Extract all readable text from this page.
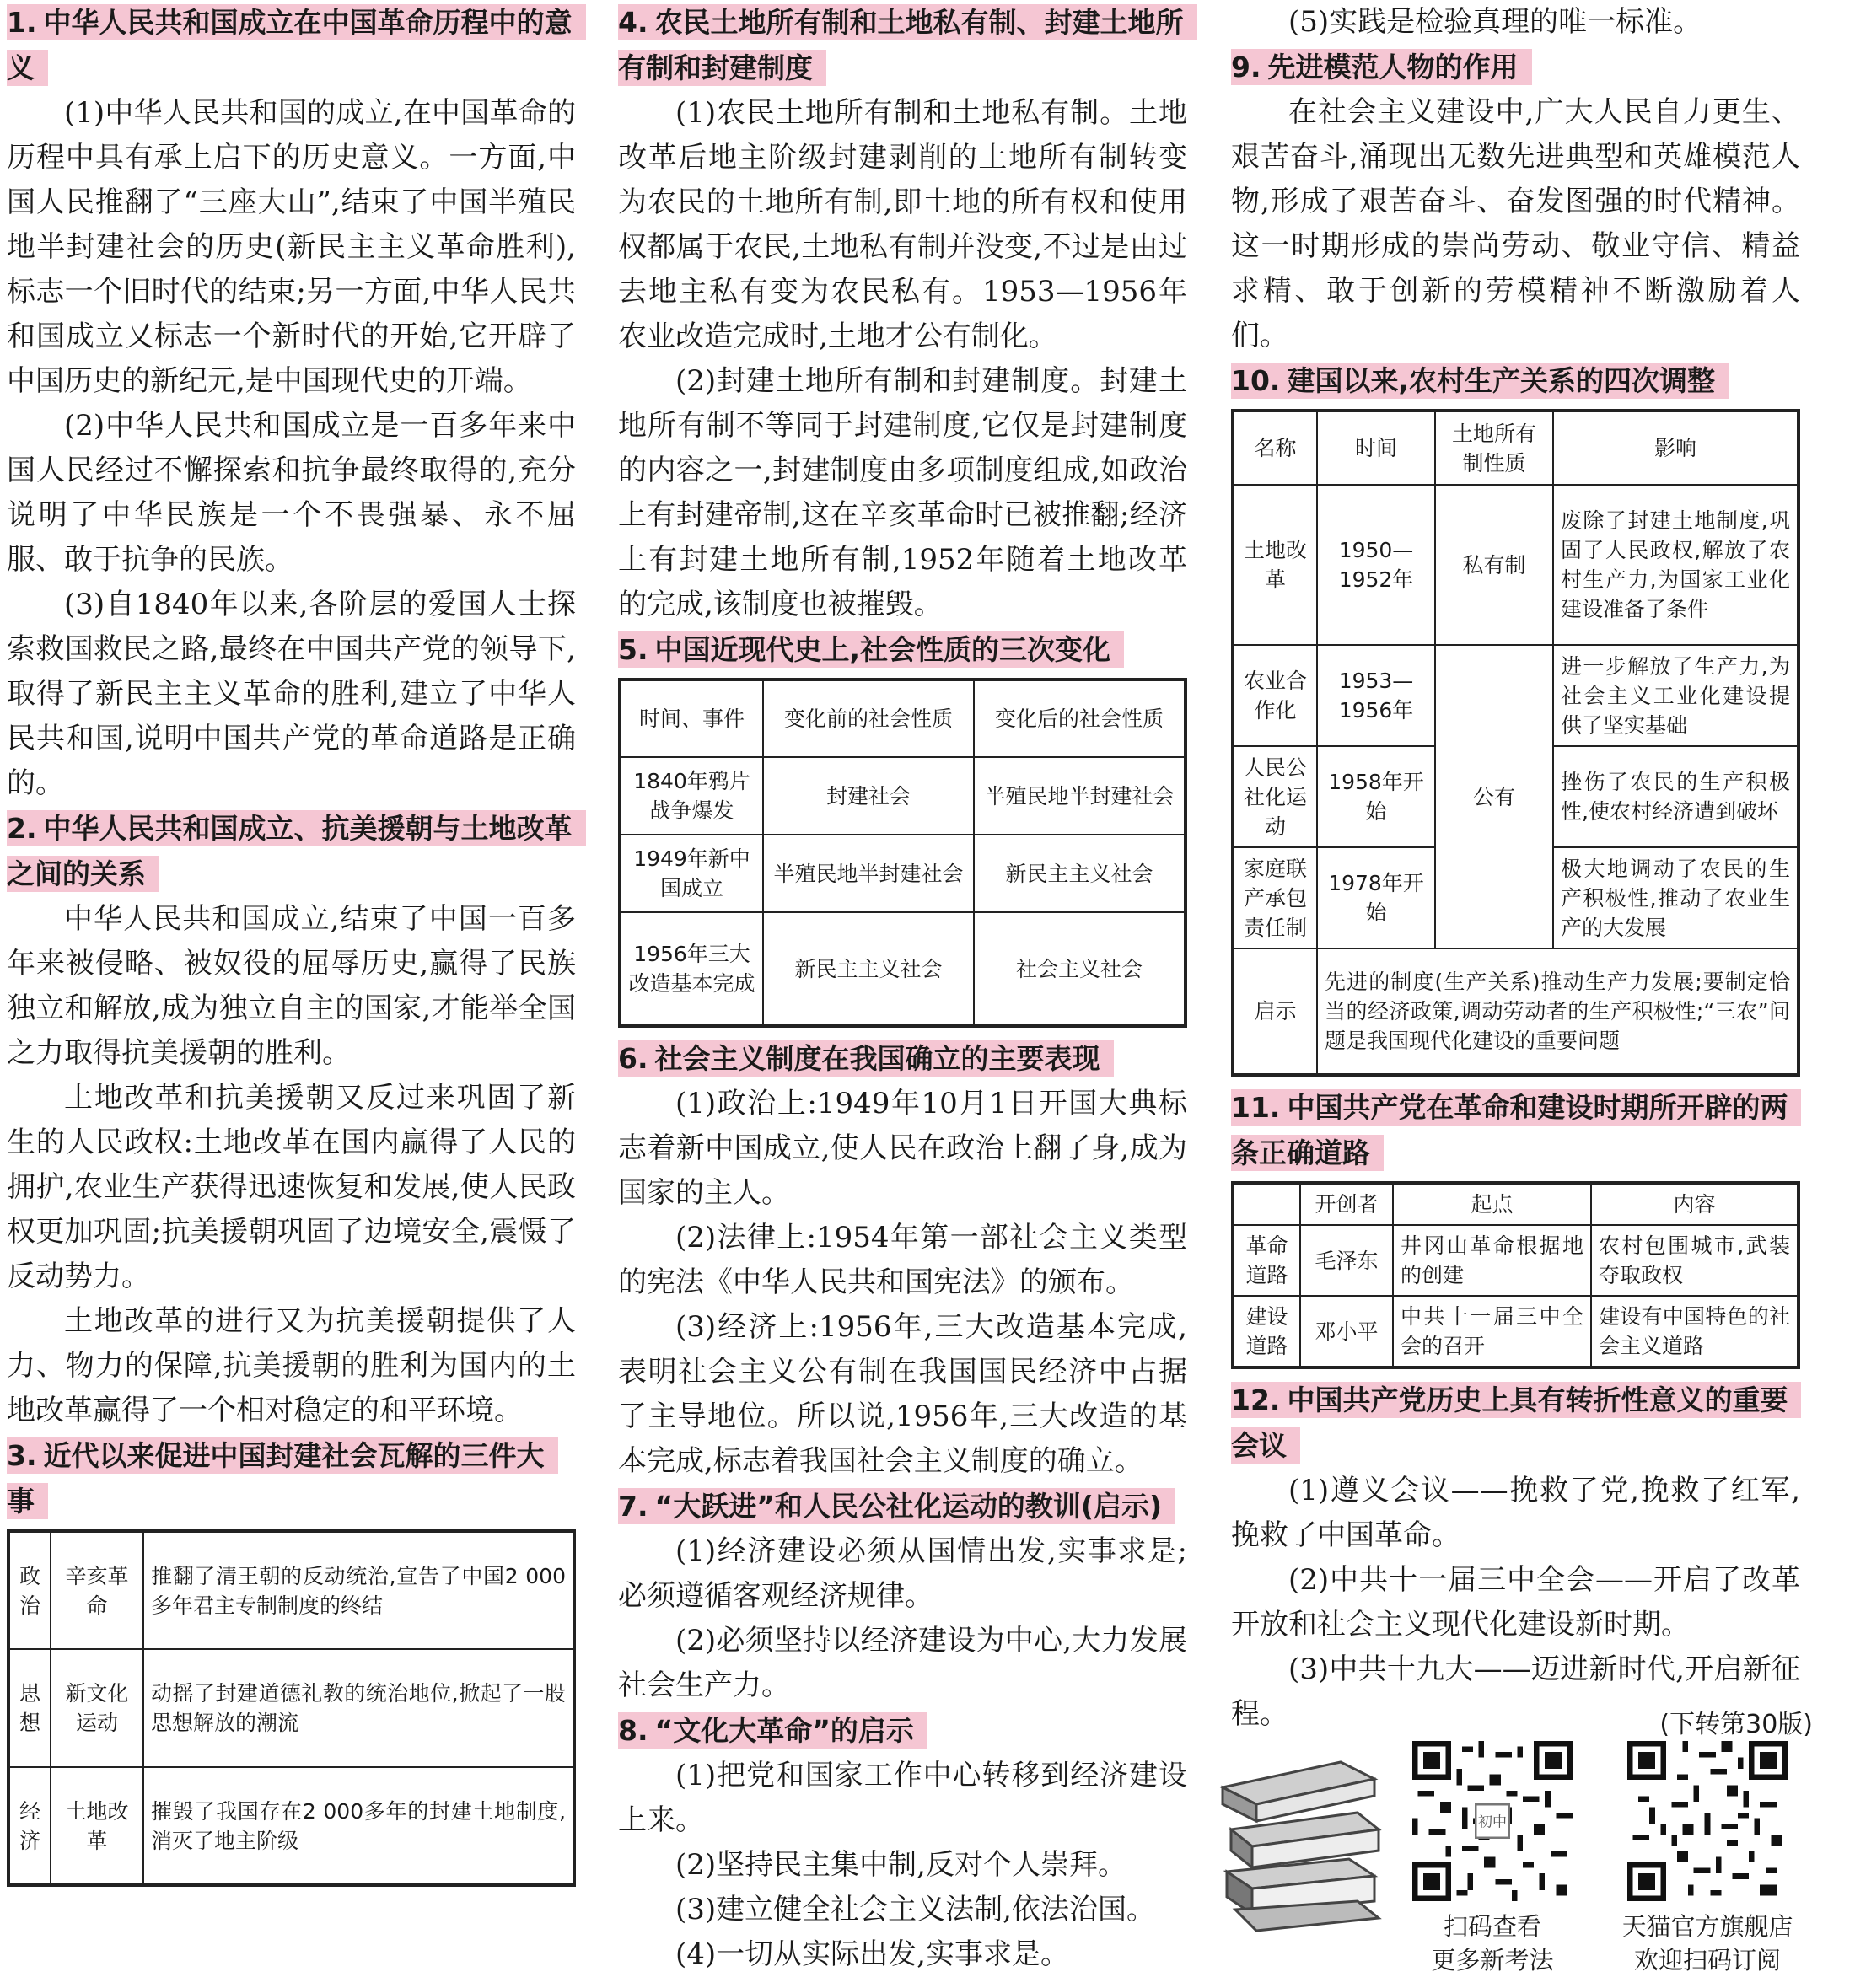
1. 中华人民共和国成立在中国革命历程中的意义

(1)中华人民共和国的成立,在中国革命的历程中具有承上启下的历史意义。一方面,中国人民推翻了“三座大山”,结束了中国半殖民地半封建社会的历史(新民主主义革命胜利),标志一个旧时代的结束;另一方面,中华人民共和国成立又标志一个新时代的开始,它开辟了中国历史的新纪元,是中国现代史的开端。

(2)中华人民共和国成立是一百多年来中国人民经过不懈探索和抗争最终取得的,充分说明了中华民族是一个不畏强暴、永不屈服、敢于抗争的民族。

(3)自1840年以来,各阶层的爱国人士探索救国救民之路,最终在中国共产党的领导下,取得了新民主主义革命的胜利,建立了中华人民共和国,说明中国共产党的革命道路是正确的。

2. 中华人民共和国成立、抗美援朝与土地改革之间的关系

中华人民共和国成立,结束了中国一百多年来被侵略、被奴役的屈辱历史,赢得了民族独立和解放,成为独立自主的国家,才能举全国之力取得抗美援朝的胜利。

土地改革和抗美援朝又反过来巩固了新生的人民政权:土地改革在国内赢得了人民的拥护,农业生产获得迅速恢复和发展,使人民政权更加巩固;抗美援朝巩固了边境安全,震慑了反动势力。

土地改革的进行又为抗美援朝提供了人力、物力的保障,抗美援朝的胜利为国内的土地改革赢得了一个相对稳定的和平环境。

3. 近代以来促进中国封建社会瓦解的三件大事
政治	辛亥革命	推翻了清王朝的反动统治,宣告了中国2 000多年君主专制制度的终结
思想	新文化运动	动摇了封建道德礼教的统治地位,掀起了一股思想解放的潮流
经济	土地改革	摧毁了我国存在2 000多年的封建土地制度,消灭了地主阶级
4. 农民土地所有制和土地私有制、封建土地所有制和封建制度

(1)农民土地所有制和土地私有制。土地改革后地主阶级封建剥削的土地所有制转变为农民的土地所有制,即土地的所有权和使用权都属于农民,土地私有制并没变,不过是由过去地主私有变为农民私有。1953—1956年农业改造完成时,土地才公有制化。

(2)封建土地所有制和封建制度。封建土地所有制不等同于封建制度,它仅是封建制度的内容之一,封建制度由多项制度组成,如政治上有封建帝制,这在辛亥革命时已被推翻;经济上有封建土地所有制,1952年随着土地改革的完成,该制度也被摧毁。

5. 中国近现代史上,社会性质的三次变化
时间、事件	变化前的社会性质	变化后的社会性质
1840年鸦片战争爆发	封建社会	半殖民地半封建社会
1949年新中国成立	半殖民地半封建社会	新民主主义社会
1956年三大改造基本完成	新民主主义社会	社会主义社会
6. 社会主义制度在我国确立的主要表现

(1)政治上:1949年10月1日开国大典标志着新中国成立,使人民在政治上翻了身,成为国家的主人。

(2)法律上:1954年第一部社会主义类型的宪法《中华人民共和国宪法》的颁布。

(3)经济上:1956年,三大改造基本完成,表明社会主义公有制在我国国民经济中占据了主导地位。所以说,1956年,三大改造的基本完成,标志着我国社会主义制度的确立。

7. “大跃进”和人民公社化运动的教训(启示)

(1)经济建设必须从国情出发,实事求是;必须遵循客观经济规律。

(2)必须坚持以经济建设为中心,大力发展社会生产力。

8. “文化大革命”的启示

(1)把党和国家工作中心转移到经济建设上来。

(2)坚持民主集中制,反对个人崇拜。

(3)建立健全社会主义法制,依法治国。

(4)一切从实际出发,实事求是。

(5)实践是检验真理的唯一标准。

9. 先进模范人物的作用

在社会主义建设中,广大人民自力更生、艰苦奋斗,涌现出无数先进典型和英雄模范人物,形成了艰苦奋斗、奋发图强的时代精神。这一时期形成的崇尚劳动、敬业守信、精益求精、敢于创新的劳模精神不断激励着人们。

10. 建国以来,农村生产关系的四次调整
名称	时间	土地所有制性质	影响
土地改革	1950—1952年	私有制	废除了封建土地制度,巩固了人民政权,解放了农村生产力,为国家工业化建设准备了条件
农业合作化	1953—1956年	公有	进一步解放了生产力,为社会主义工业化建设提供了坚实基础
人民公社化运动	1958年开始		挫伤了农民的生产积极性,使农村经济遭到破坏
家庭联产承包责任制	1978年开始		极大地调动了农民的生产积极性,推动了农业生产的大发展
启示	先进的制度(生产关系)推动生产力发展;要制定恰当的经济政策,调动劳动者的生产积极性;“三农”问题是我国现代化建设的重要问题		
11. 中国共产党在革命和建设时期所开辟的两条正确道路
	开创者	起点	内容
革命道路	毛泽东	井冈山革命根据地的创建	农村包围城市,武装夺取政权
建设道路	邓小平	中共十一届三中全会的召开	建设有中国特色的社会主义道路
12. 中国共产党历史上具有转折性意义的重要会议

(1)遵义会议——挽救了党,挽救了红军,挽救了中国革命。

(2)中共十一届三中全会——开启了改革开放和社会主义现代化建设新时期。

(3)中共十九大——迈进新时代,开启新征程。	(下转第30版)
初中
扫码查看
更多新考法
天猫官方旗舰店
欢迎扫码订阅
